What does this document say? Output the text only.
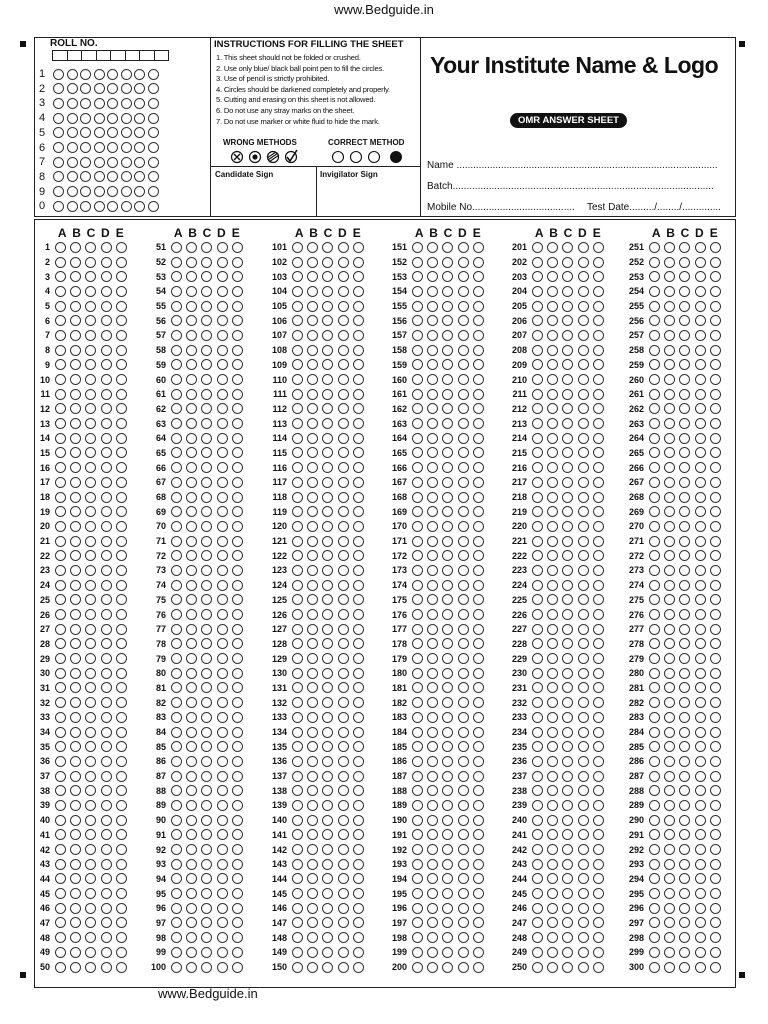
www.Bedguide.in
ROLL NO.
1
2
3
4
5
6
7
8
9
0
INSTRUCTIONS FOR FILLING THE SHEET
1. This sheet should not be folded or crushed.
2. Use only blue/ black ball point pen to fill the circles.
3. Use of pencil is strictly prohibited.
4. Circles should be darkened completely and properly.
5. Cutting and erasing on this sheet is not allowed.
6. Do not use any stray marks on the sheet.
7. Do not use marker or white fluid to hide the mark.
WRONG METHODS	CORRECT METHOD
Candidate Sign	Invigilator Sign
Your Institute Name & Logo
OMR ANSWER SHEET
Name ..............................................................................................
Batch..............................................................................................
Mobile No..................................... Test Date........./......../..............
A B C D E
1
2
3
4
5
6
7
8
9
10
11
12
13
14
15
16
17
18
19
20
21
22
23
24
25
26
27
28
29
30
31
32
33
34
35
36
37
38
39
40
41
42
43
44
45
46
47
48
49
50
A B C D E
51
52
53
54
55
56
57
58
59
60
61
62
63
64
65
66
67
68
69
70
71
72
73
74
75
76
77
78
79
80
81
82
83
84
85
86
87
88
89
90
91
92
93
94
95
96
97
98
99
100
A B C D E
101
102
103
104
105
106
107
108
109
110
111
112
113
114
115
116
117
118
119
120
121
122
123
124
125
126
127
128
129
130
131
132
133
134
135
136
137
138
139
140
141
142
143
144
145
146
147
148
149
150
A B C D E
151
152
153
154
155
156
157
158
159
160
161
162
163
164
165
166
167
168
169
170
171
172
173
174
175
176
177
178
179
180
181
182
183
184
185
186
187
188
189
190
191
192
193
194
195
196
197
198
199
200
A B C D E
201
202
203
204
205
206
207
208
209
210
211
212
213
214
215
216
217
218
219
220
221
222
223
224
225
226
227
228
229
230
231
232
233
234
235
236
237
238
239
240
241
242
243
244
245
246
247
248
249
250
A B C D E
251
252
253
254
255
256
257
258
259
260
261
262
263
264
265
266
267
268
269
270
271
272
273
274
275
276
277
278
279
280
281
282
283
284
285
286
287
288
289
290
291
292
293
294
295
296
297
298
299
300
www.Bedguide.in
